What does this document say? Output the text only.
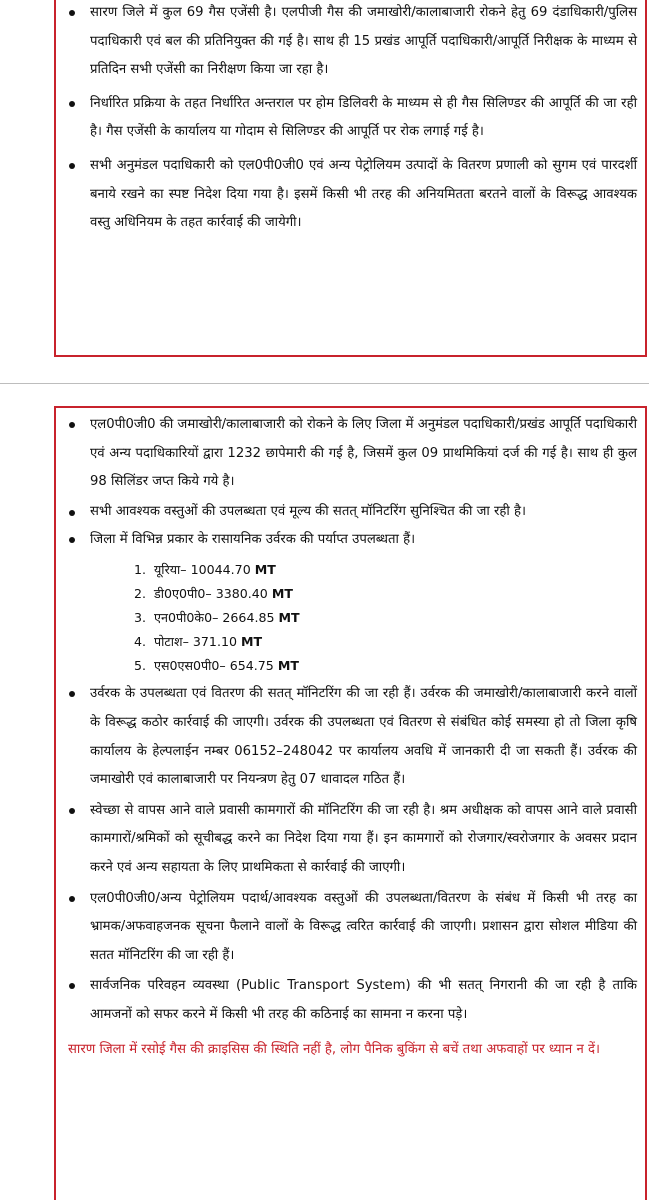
सारण जिले में कुल 69 गैस एजेंसी है। एलपीजी गैस की जमाखोरी/कालाबाजारी रोकने हेतु 69 दंडाधिकारी/पुलिस पदाधिकारी एवं बल की प्रतिनियुक्त की गई है। साथ ही 15 प्रखंड आपूर्ति पदाधिकारी/आपूर्ति निरीक्षक के माध्यम से प्रतिदिन सभी एजेंसी का निरीक्षण किया जा रहा है।
निर्धारित प्रक्रिया के तहत निर्धारित अन्तराल पर होम डिलिवरी के माध्यम से ही गैस सिलिण्डर की आपूर्ति की जा रही है। गैस एजेंसी के कार्यालय या गोदाम से सिलिण्डर की आपूर्ति पर रोक लगाई गई है।
सभी अनुमंडल पदाधिकारी को एल0पी0जी0 एवं अन्य पेट्रोलियम उत्पादों के वितरण प्रणाली को सुगम एवं पारदर्शी बनाये रखने का स्पष्ट निदेश दिया गया है। इसमें किसी भी तरह की अनियमितता बरतने वालों के विरूद्ध आवश्यक वस्तु अधिनियम के तहत कार्रवाई की जायेगी।
एल0पी0जी0 की जमाखोरी/कालाबाजारी को रोकने के लिए जिला में अनुमंडल पदाधिकारी/प्रखंड आपूर्ति पदाधिकारी एवं अन्य पदाधिकारियों द्वारा 1232 छापेमारी की गई है, जिसमें कुल 09 प्राथमिकियां दर्ज की गई है। साथ ही कुल 98 सिलिंडर जप्त किये गये है।
सभी आवश्यक वस्तुओं की उपलब्धता एवं मूल्य की सतत् मॉनिटरिंग सुनिश्चित की जा रही है।
जिला में विभिन्न प्रकार के रासायनिक उर्वरक की पर्याप्त उपलब्धता हैं।
1. यूरिया– 10044.70 MT
2. डी0ए0पी0– 3380.40 MT
3. एन0पी0के0– 2664.85 MT
4. पोटाश– 371.10 MT
5. एस0एस0पी0– 654.75 MT
उर्वरक के उपलब्धता एवं वितरण की सतत् मॉनिटरिंग की जा रही हैं। उर्वरक की जमाखोरी/कालाबाजारी करने वालों के विरूद्ध कठोर कार्रवाई की जाएगी। उर्वरक की उपलब्धता एवं वितरण से संबंधित कोई समस्या हो तो जिला कृषि कार्यालय के हेल्पलाईन नम्बर 06152–248042 पर कार्यालय अवधि में जानकारी दी जा सकती हैं। उर्वरक की जमाखोरी एवं कालाबाजारी पर नियन्त्रण हेतु 07 धावादल गठित हैं।
स्वेच्छा से वापस आने वाले प्रवासी कामगारों की मॉनिटरिंग की जा रही है। श्रम अधीक्षक को वापस आने वाले प्रवासी कामगारों/श्रमिकों को सूचीबद्ध करने का निदेश दिया गया हैं। इन कामगारों को रोजगार/स्वरोजगार के अवसर प्रदान करने एवं अन्य सहायता के लिए प्राथमिकता से कार्रवाई की जाएगी।
एल0पी0जी0/अन्य पेट्रोलियम पदार्थ/आवश्यक वस्तुओं की उपलब्धता/वितरण के संबंध में किसी भी तरह का भ्रामक/अफवाहजनक सूचना फैलाने वालों के विरूद्ध त्वरित कार्रवाई की जाएगी। प्रशासन द्वारा सोशल मीडिया की सतत मॉनिटरिंग की जा रही हैं।
सार्वजनिक परिवहन व्यवस्था (Public Transport System) की भी सतत् निगरानी की जा रही है ताकि आमजनों को सफर करने में किसी भी तरह की कठिनाई का सामना न करना पड़े।
सारण जिला में रसोई गैस की क्राइसिस की स्थिति नहीं है, लोग पैनिक बुकिंग से बचें तथा अफवाहों पर ध्यान न दें।
